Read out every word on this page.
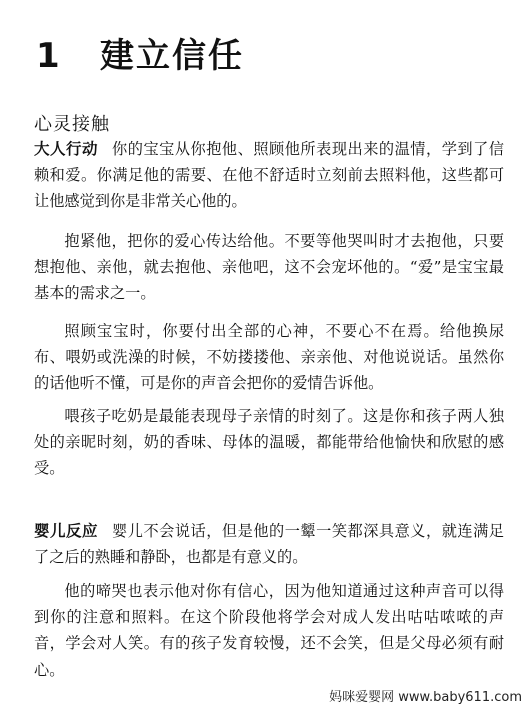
1	建立信任
心灵接触

大人行动 你的宝宝从你抱他、照顾他所表现出来的温情，学到了信赖和爱。你满足他的需要、在他不舒适时立刻前去照料他，这些都可让他感觉到你是非常关心他的。

抱紧他，把你的爱心传达给他。不要等他哭叫时才去抱他，只要想抱他、亲他，就去抱他、亲他吧，这不会宠坏他的。“爱”是宝宝最基本的需求之一。

照顾宝宝时，你要付出全部的心神，不要心不在焉。给他换尿布、喂奶或洗澡的时候，不妨搂搂他、亲亲他、对他说说话。虽然你的话他听不懂，可是你的声音会把你的爱情告诉他。

喂孩子吃奶是最能表现母子亲情的时刻了。这是你和孩子两人独处的亲昵时刻，奶的香味、母体的温暖，都能带给他愉快和欣慰的感受。

婴儿反应 婴儿不会说话，但是他的一颦一笑都深具意义，就连满足了之后的熟睡和静卧，也都是有意义的。

他的啼哭也表示他对你有信心，因为他知道通过这种声音可以得到你的注意和照料。在这个阶段他将学会对成人发出咕咕哝哝的声音，学会对人笑。有的孩子发育较慢，还不会笑，但是父母必须有耐心。

妈咪爱婴网 www.baby611.com
